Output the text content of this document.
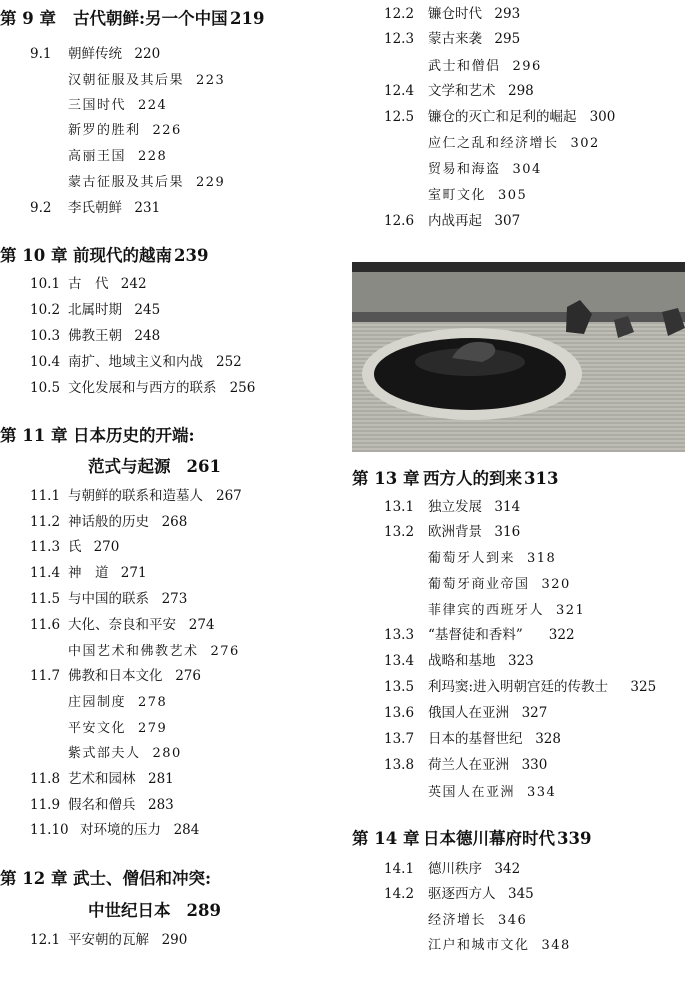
第 9 章 古代朝鲜:另一个中国 219
9.1 朝鲜传统 220
汉朝征服及其后果 223
三国时代 224
新罗的胜利 226
高丽王国 228
蒙古征服及其后果 229
9.2 李氏朝鲜 231
第 10 章 前现代的越南 239
10.1 古　代 242
10.2 北属时期 245
10.3 佛教王朝 248
10.4 南扩、地域主义和内战 252
10.5 文化发展和与西方的联系 256
第 11 章 日本历史的开端:
范式与起源 261
11.1 与朝鲜的联系和造墓人 267
11.2 神话般的历史 268
11.3 氏 270
11.4 神　道 271
11.5 与中国的联系 273
11.6 大化、奈良和平安 274
中国艺术和佛教艺术 276
11.7 佛教和日本文化 276
庄园制度 278
平安文化 279
紫式部夫人 280
11.8 艺术和园林 281
11.9 假名和僧兵 283
11.10 对环境的压力 284
第 12 章 武士、僧侣和冲突:
中世纪日本 289
12.1 平安朝的瓦解 290
12.2 镰仓时代 293
12.3 蒙古来袭 295
武士和僧侣 296
12.4 文学和艺术 298
12.5 镰仓的灭亡和足利的崛起 300
应仁之乱和经济增长 302
贸易和海盗 304
室町文化 305
12.6 内战再起 307
第 13 章 西方人的到来 313
13.1 独立发展 314
13.2 欧洲背景 316
葡萄牙人到来 318
葡萄牙商业帝国 320
菲律宾的西班牙人 321
13.3 “基督徒和香料” 322
13.4 战略和基地 323
13.5 利玛窦:进入明朝宫廷的传教士 325
13.6 俄国人在亚洲 327
13.7 日本的基督世纪 328
13.8 荷兰人在亚洲 330
英国人在亚洲 334
第 14 章 日本德川幕府时代 339
14.1 德川秩序 342
14.2 驱逐西方人 345
经济增长 346
江户和城市文化 348
